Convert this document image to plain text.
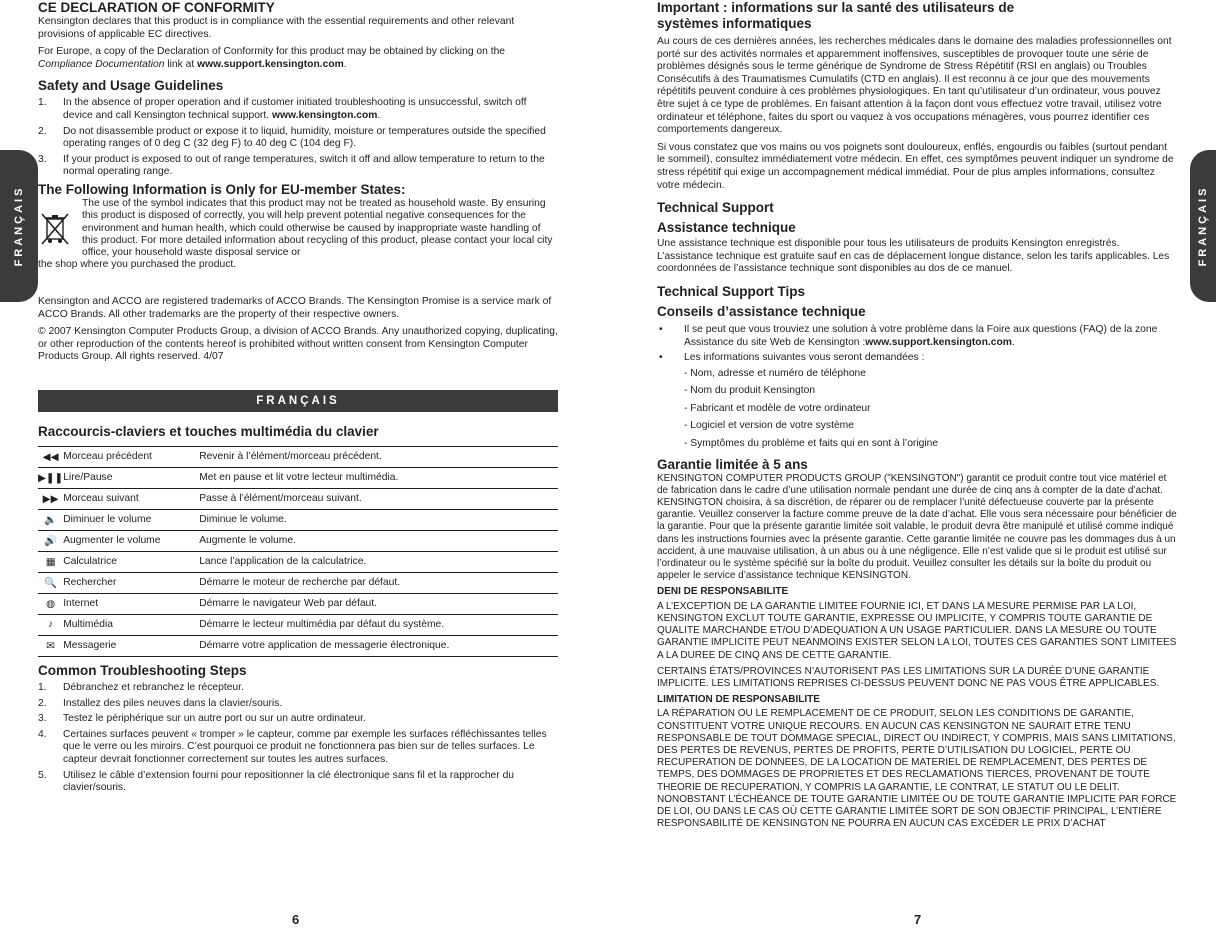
FRANÇAIS	FRANÇAIS

CE DECLARATION OF CONFORMITY

Kensington declares that this product is in compliance with the essential requirements and other relevant provisions of applicable EC directives.

For Europe, a copy of the Declaration of Conformity for this product may be obtained by clicking on the Compliance Documentation link at www.support.kensington.com.

Safety and Usage Guidelines

1.	In the absence of proper operation and if customer initiated troubleshooting is unsuccessful, switch off device and call Kensington technical support. www.kensington.com.
2.	Do not disassemble product or expose it to liquid, humidity, moisture or temperatures outside the specified operating ranges of 0 deg C (32 deg F) to 40 deg C (104 deg F).
3.	If your product is exposed to out of range temperatures, switch it off and allow temperature to return to the normal operating range.

The Following Information is Only for EU-member States:

The use of the symbol indicates that this product may not be treated as household waste. By ensuring this product is disposed of correctly, you will help prevent potential negative consequences for the environment and human health, which could otherwise be caused by inappropriate waste handling of this product. For more detailed information about recycling of this product, please contact your local city office, your household waste disposal service or

the shop where you purchased the product.

Kensington and ACCO are registered trademarks of ACCO Brands. The Kensington Promise is a service mark of ACCO Brands. All other trademarks are the property of their respective owners.

© 2007 Kensington Computer Products Group, a division of ACCO Brands. Any unauthorized copying, duplicating, or other reproduction of the contents hereof is prohibited without written consent from Kensington Computer Products Group. All rights reserved. 4/07

FRANÇAIS

Raccourcis-claviers et touches multimédia du clavier

◀◀	Morceau précédent	Revenir à l’élément/morceau précédent.
▶❚❚	Lire/Pause	Met en pause et lit votre lecteur multimédia.
▶▶	Morceau suivant	Passe à l’élément/morceau suivant.
🔉	Diminuer le volume	Diminue le volume.
🔊	Augmenter le volume	Augmente le volume.
▦	Calculatrice	Lance l’application de la calculatrice.
🔍	Rechercher	Démarre le moteur de recherche par défaut.
◍	Internet	Démarre le navigateur Web par défaut.
♪	Multimédia	Démarre le lecteur multimédia par défaut du système.
✉	Messagerie	Démarre votre application de messagerie électronique.

Common Troubleshooting Steps

1.	Débranchez et rebranchez le récepteur.
2.	Installez des piles neuves dans la clavier/souris.
3.	Testez le périphérique sur un autre port ou sur un autre ordinateur.
4.	Certaines surfaces peuvent « tromper » le capteur, comme par exemple les surfaces réfléchissantes telles que le verre ou les miroirs. C’est pourquoi ce produit ne fonctionnera pas bien sur de telles surfaces. Le capteur devrait fonctionner correctement sur toutes les autres surfaces.
5.	Utilisez le câble d’extension fourni pour repositionner la clé électronique sans fil et la rapprocher du clavier/souris.

Important : informations sur la santé des utilisateurs de systèmes informatiques

Au cours de ces dernières années, les recherches médicales dans le domaine des maladies professionnelles ont porté sur des activités normales et apparemment inoffensives, susceptibles de provoquer toute une série de problèmes désignés sous le terme générique de Syndrome de Stress Répétitif (RSI en anglais) ou Troubles Consécutifs à des Traumatismes Cumulatifs (CTD en anglais). Il est reconnu à ce jour que des mouvements répétitifs peuvent conduire à ces problèmes physiologiques. En tant qu’utilisateur d’un ordinateur, vous pouvez être sujet à ce type de problèmes. En faisant attention à la façon dont vous effectuez votre travail, utilisez votre ordinateur et téléphone, faites du sport ou vaquez à vos occupations ménagères, vous pourrez identifier ces comportements dangereux.

Si vous constatez que vos mains ou vos poignets sont douloureux, enflés, engourdis ou faibles (surtout pendant le sommeil), consultez immédiatement votre médecin. En effet, ces symptômes peuvent indiquer un syndrome de stress répétitif qui exige un accompagnement médical immédiat. Pour de plus amples informations, consultez votre médecin.

Technical Support

Assistance technique

Une assistance technique est disponible pour tous les utilisateurs de produits Kensington enregistrés. L’assistance technique est gratuite sauf en cas de déplacement longue distance, selon les tarifs applicables. Les coordonnées de l’assistance technique sont disponibles au dos de ce manuel.

Technical Support Tips

Conseils d’assistance technique

•	Il se peut que vous trouviez une solution à votre problème dans la Foire aux questions (FAQ) de la zone Assistance du site Web de Kensington :www.support.kensington.com.
•	Les informations suivantes vous seront demandées :
- Nom, adresse et numéro de téléphone
- Nom du produit Kensington
- Fabricant et modèle de votre ordinateur
- Logiciel et version de votre système
- Symptômes du problème et faits qui en sont à l’origine

Garantie limitée à 5 ans

KENSINGTON COMPUTER PRODUCTS GROUP ("KENSINGTON") garantit ce produit contre tout vice matériel et de fabrication dans le cadre d’une utilisation normale pendant une durée de cinq ans à compter de la date d’achat. KENSINGTON choisira, à sa discrétion, de réparer ou de remplacer l’unité défectueuse couverte par la présente garantie. Veuillez conserver la facture comme preuve de la date d’achat. Elle vous sera nécessaire pour bénéficier de la garantie. Pour que la présente garantie limitée soit valable, le produit devra être manipulé et utilisé comme indiqué dans les instructions fournies avec la présente garantie. Cette garantie limitée ne couvre pas les dommages dus à un accident, à une mauvaise utilisation, à un abus ou à une négligence. Elle n’est valide que si le produit est utilisé sur l’ordinateur ou le système spécifié sur la boîte du produit. Veuillez consulter les détails sur la boîte du produit ou appeler le service d’assistance technique KENSINGTON.

DENI DE RESPONSABILITE

A L’EXCEPTION DE LA GARANTIE LIMITEE FOURNIE ICI, ET DANS LA MESURE PERMISE PAR LA LOI, KENSINGTON EXCLUT TOUTE GARANTIE, EXPRESSE OU IMPLICITE, Y COMPRIS TOUTE GARANTIE DE QUALITE MARCHANDE ET/OU D’ADEQUATION A UN USAGE PARTICULIER. DANS LA MESURE OU TOUTE GARANTIE IMPLICITE PEUT NEANMOINS EXISTER SELON LA LOI, TOUTES CES GARANTIES SONT LIMITEES A LA DUREE DE CINQ ANS DE CETTE GARANTIE.

CERTAINS ÉTATS/PROVINCES N’AUTORISENT PAS LES LIMITATIONS SUR LA DURÉE D’UNE GARANTIE IMPLICITE. LES LIMITATIONS REPRISES CI-DESSUS PEUVENT DONC NE PAS VOUS ÊTRE APPLICABLES.

LIMITATION DE RESPONSABILITE

LA RÉPARATION OU LE REMPLACEMENT DE CE PRODUIT, SELON LES CONDITIONS DE GARANTIE, CONSTITUENT VOTRE UNIQUE RECOURS. EN AUCUN CAS KENSINGTON NE SAURAIT ETRE TENU RESPONSABLE DE TOUT DOMMAGE SPECIAL, DIRECT OU INDIRECT, Y COMPRIS, MAIS SANS LIMITATIONS, DES PERTES DE REVENUS, PERTES DE PROFITS, PERTE D’UTILISATION DU LOGICIEL, PERTE OU RECUPERATION DE DONNEES, DE LA LOCATION DE MATERIEL DE REMPLACEMENT, DES PERTES DE TEMPS, DES DOMMAGES DE PROPRIETES ET DES RECLAMATIONS TIERCES, PROVENANT DE TOUTE THEORIE DE RECUPERATION, Y COMPRIS LA GARANTIE, LE CONTRAT, LE STATUT OU LE DELIT. NONOBSTANT L’ÉCHÉANCE DE TOUTE GARANTIE LIMITÉE OU DE TOUTE GARANTIE IMPLICITE PAR FORCE DE LOI, OU DANS LE CAS OÙ CETTE GARANTIE LIMITÉE SORT DE SON OBJECTIF PRINCIPAL, L’ENTIÈRE RESPONSABILITÉ DE KENSINGTON NE POURRA EN AUCUN CAS EXCÉDER LE PRIX D’ACHAT

6	7
